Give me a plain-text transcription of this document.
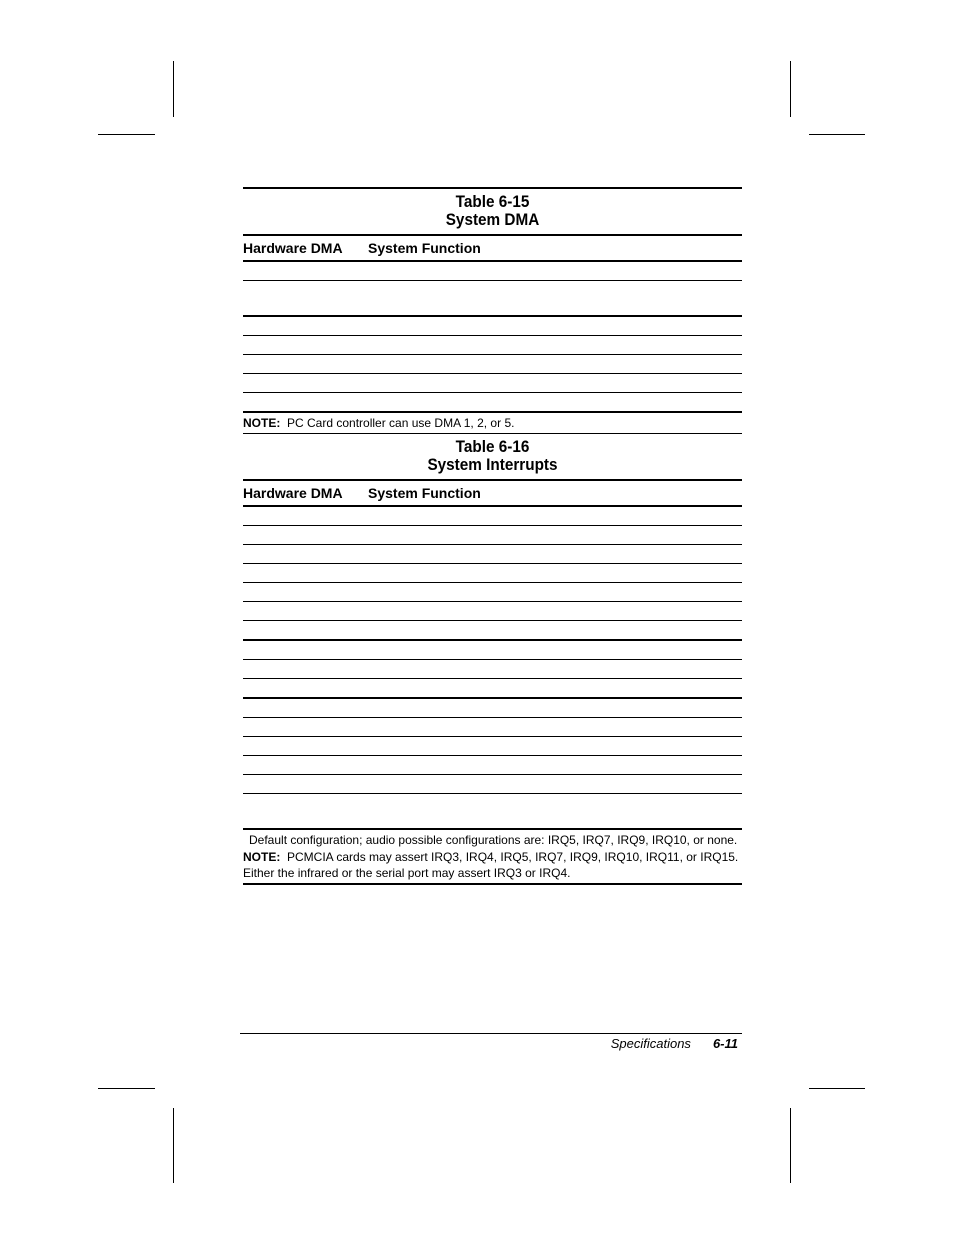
Table 6-15
System DMA
Hardware DMA	System Function
NOTE: PC Card controller can use DMA 1, 2, or 5.
Table 6-16
System Interrupts
Hardware DMA	System Function
Default configuration; audio possible configurations are: IRQ5, IRQ7, IRQ9, IRQ10, or none.
NOTE: PCMCIA cards may assert IRQ3, IRQ4, IRQ5, IRQ7, IRQ9, IRQ10, IRQ11, or IRQ15.
Either the infrared or the serial port may assert IRQ3 or IRQ4.
Specifications 6-11
